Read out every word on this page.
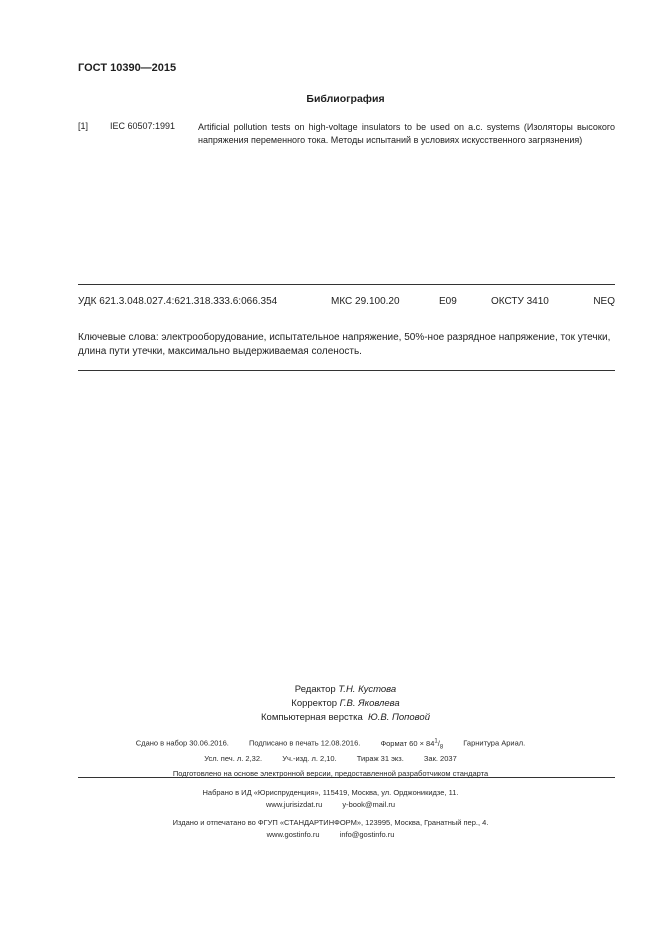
ГОСТ 10390—2015
Библиография
[1] IEC 60507:1991	Artificial pollution tests on high-voltage insulators to be used on a.c. systems (Изоляторы высокого напряжения переменного тока. Методы испытаний в условиях искусственного загрязнения)
УДК 621.3.048.027.4:621.318.333.6:066.354	МКС 29.100.20	E09	ОКСТУ 3410	NEQ
Ключевые слова: электрооборудование, испытательное напряжение, 50%-ное разрядное напряжение, ток утечки, длина пути утечки, максимально выдерживаемая соленость.
Редактор Т.Н. Кустова
Корректор Г.В. Яковлева
Компьютерная верстка Ю.В. Поповой
Сдано в набор 30.06.2016.	Подписано в печать 12.08.2016.	Формат $60 \times 84^1/_8$	Гарнитура Ариал.
Усл. печ. л. 2,32.	Уч.-изд. л. 2,10.	Тираж 31 экз.	Зак. 2037
Подготовлено на основе электронной версии, предоставленной разработчиком стандарта
Набрано в ИД «Юриспруденция», 115419, Москва, ул. Орджоникидзе, 11.
www.jurisizdat.ru	y-book@mail.ru
Издано и отпечатано во ФГУП «СТАНДАРТИНФОРМ», 123995, Москва, Гранатный пер., 4.
www.gostinfo.ru	info@gostinfo.ru
